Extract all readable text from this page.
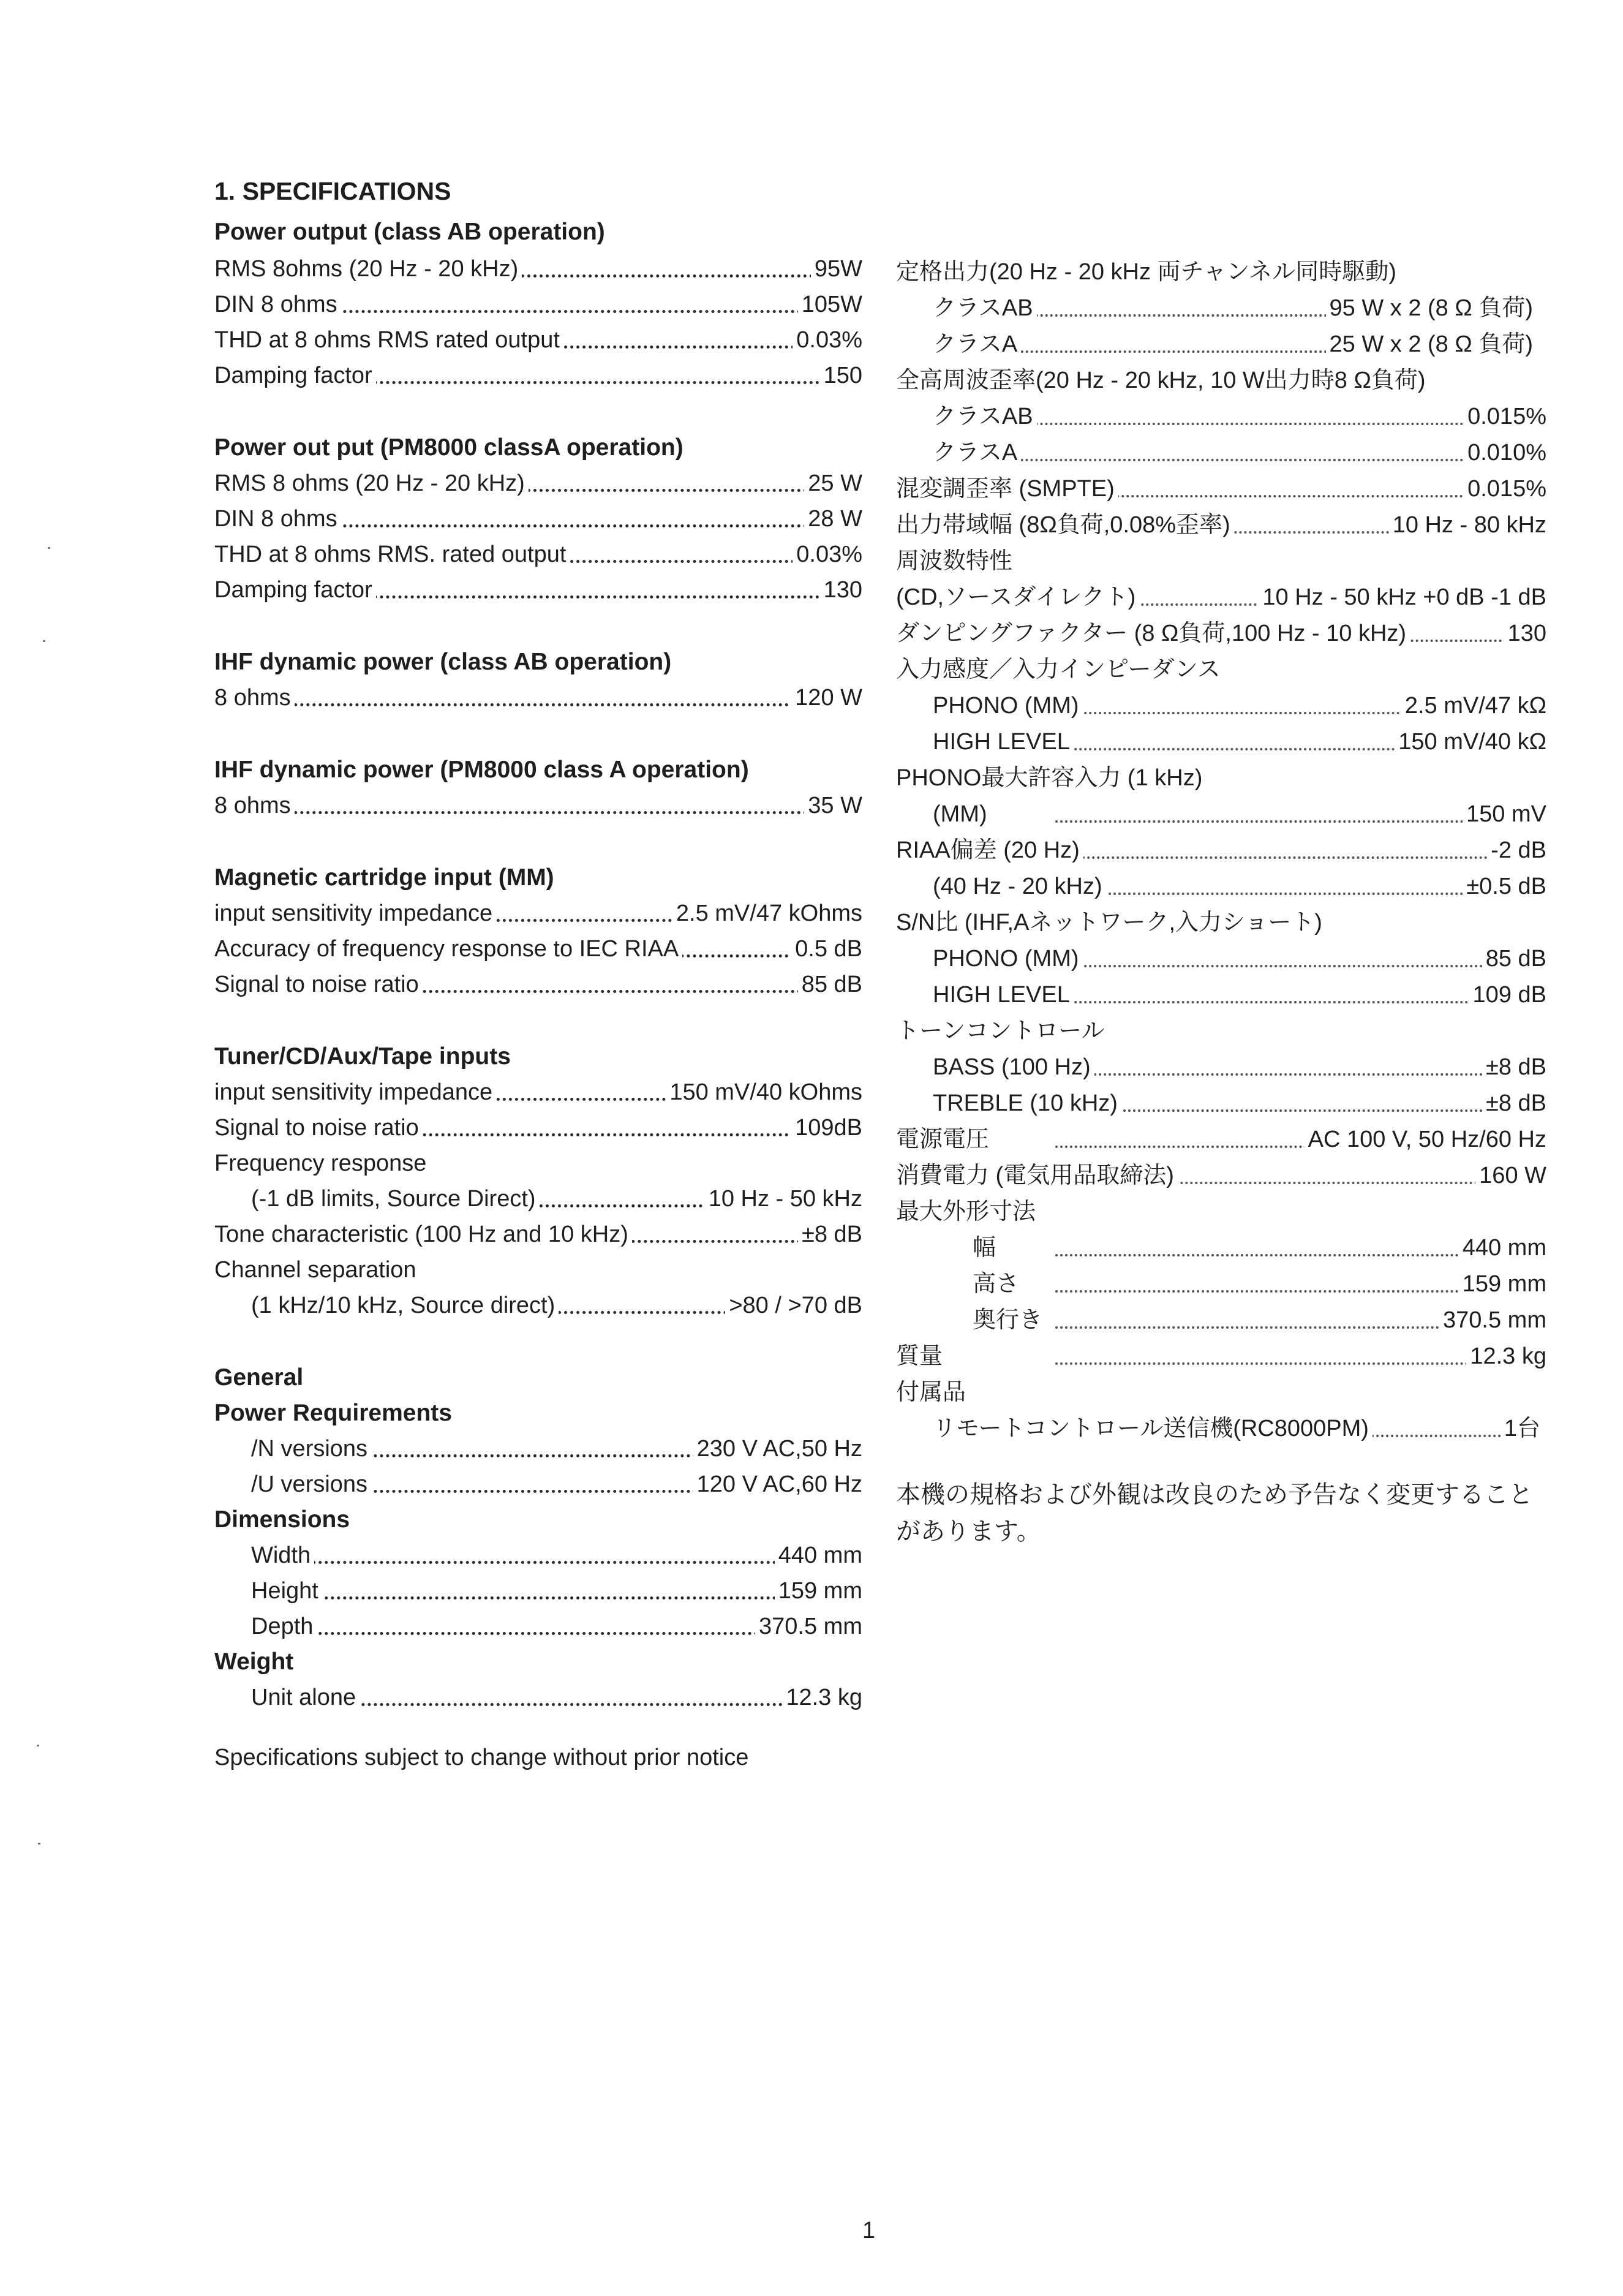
1. SPECIFICATIONS
Power output (class AB operation)
RMS 8ohms (20 Hz - 20 kHz)	95W
DIN 8 ohms	105W
THD at 8 ohms RMS rated output	0.03%
Damping factor	150
Power out put (PM8000 classA operation)
RMS 8 ohms (20 Hz - 20 kHz)	25 W
DIN 8 ohms	28 W
THD at 8 ohms RMS. rated output	0.03%
Damping factor	130
IHF dynamic power (class AB operation)
8 ohms	120 W
IHF dynamic power (PM8000 class A operation)
8 ohms	35 W
Magnetic cartridge input (MM)
input sensitivity impedance	2.5 mV/47 kOhms
Accuracy of frequency response to IEC RIAA	0.5 dB
Signal to noise ratio	85 dB
Tuner/CD/Aux/Tape inputs
input sensitivity impedance	150 mV/40 kOhms
Signal to noise ratio	109dB
Frequency response
(-1 dB limits, Source Direct)	10 Hz - 50 kHz
Tone characteristic (100 Hz and 10 kHz)	±8 dB
Channel separation
(1 kHz/10 kHz, Source direct)	>80 / >70 dB
General
Power Requirements
/N versions	230 V AC,50 Hz
/U versions	120 V AC,60 Hz
Dimensions
Width	440 mm
Height	159 mm
Depth	370.5 mm
Weight
Unit alone	12.3 kg
Specifications subject to change without prior notice
定格出力(20 Hz - 20 kHz 両チャンネル同時駆動)
クラスAB	95 W x 2 (8 Ω 負荷)
クラスA	25 W x 2 (8 Ω 負荷)
全高周波歪率(20 Hz - 20 kHz, 10 W出力時8 Ω負荷)
クラスAB	0.015%
クラスA	0.010%
混変調歪率 (SMPTE)	0.015%
出力帯域幅 (8Ω負荷,0.08%歪率)	10 Hz - 80 kHz
周波数特性
(CD,ソースダイレクト)	10 Hz - 50 kHz +0 dB -1 dB
ダンピングファクター (8 Ω負荷,100 Hz - 10 kHz)	130
入力感度／入力インピーダンス
PHONO (MM)	2.5 mV/47 kΩ
HIGH LEVEL	150 mV/40 kΩ
PHONO最大許容入力 (1 kHz)
(MM)	150 mV
RIAA偏差 (20 Hz)	-2 dB
(40 Hz - 20 kHz)	±0.5 dB
S/N比 (IHF,Aネットワーク,入力ショート)
PHONO (MM)	85 dB
HIGH LEVEL	109 dB
トーンコントロール
BASS (100 Hz)	±8 dB
TREBLE (10 kHz)	±8 dB
電源電圧	AC 100 V, 50 Hz/60 Hz
消費電力 (電気用品取締法)	160 W
最大外形寸法
幅	440 mm
高さ	159 mm
奥行き	370.5 mm
質量	12.3 kg
付属品
リモートコントロール送信機(RC8000PM)	1台
本機の規格および外観は改良のため予告なく変更することがあります。
1
